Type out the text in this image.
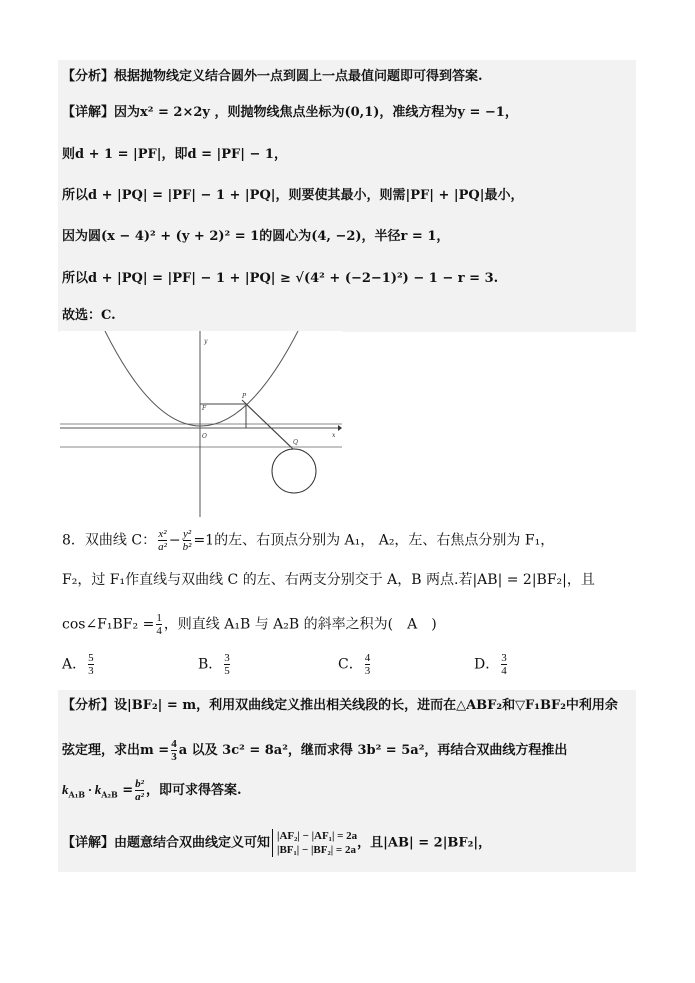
【分析】根据抛物线定义结合圆外一点到圆上一点最值问题即可得到答案.
【详解】因为x² = 2×2y ，则抛物线焦点坐标为(0,1)，准线方程为y = −1，
则d + 1 = |PF|，即d = |PF| − 1，
所以d + |PQ| = |PF| − 1 + |PQ|，则要使其最小，则需|PF| + |PQ|最小，
因为圆(x − 4)² + (y + 2)² = 1的圆心为(4, −2)，半径r = 1，
所以d + |PQ| = |PF| − 1 + |PQ| ≥ √(4² + (−2−1)²) − 1 − r = 3.
故选：C.
y
x
O
F
P
Q
8．双曲线 C： $\frac{\text{x²}}{\text{a²}} - \frac{\text{y²}}{\text{b²}} =1$的左、右顶点分别为 A₁， A₂，左、右焦点分别为 F₁，
F₂，过 F₁作直线与双曲线 C 的左、右两支分别交于 A，B 两点.若|AB| = 2|BF₂|，且
cos∠F₁BF₂ = $\frac{1}{4}$ ，则直线 A₁B 与 A₂B 的斜率之积为(　A　)
A． $\frac{5}{3}$	B． $\frac{3}{5}$	C． $\frac{4}{3}$	D． $\frac{3}{4}$
【分析】设|BF₂| = m，利用双曲线定义推出相关线段的长，进而在△ABF₂和▽F₁BF₂中利用余
弦定理，求出$m = \frac{4}{3}$ a 以及 3c² = 8a²，继而求得 3b² = 5a²，再结合双曲线方程推出
$k_{A_1B} \cdot k_{A_2B} = \frac{\text{b²}}{\text{a²}}$ ，即可求得答案.
【详解】由题意结合双曲线定义可知 |AF₂| − |AF₁| = 2a
|BF₁| − |BF₂| = 2a ，且|AB| = 2|BF₂|，
